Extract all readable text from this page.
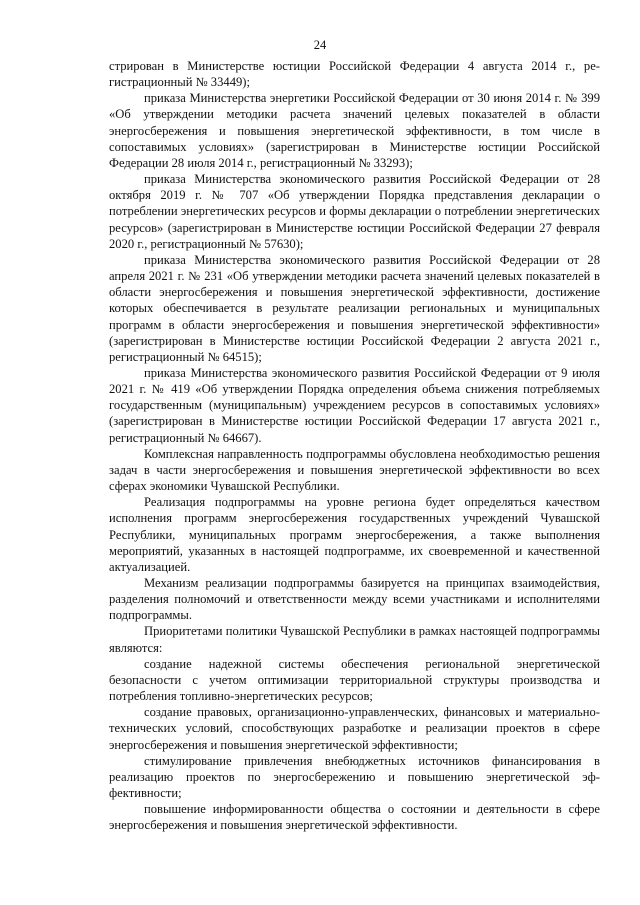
24

стрирован в Министерстве юстиции Российской Федерации 4 августа 2014 г., регистрационный № 33449);

приказа Министерства энергетики Российской Федерации от 30 июня 2014 г. № 399 «Об утверждении методики расчета значений целевых показателей в области энергосбережения и повышения энергетической эффективности, в том числе в сопоставимых условиях» (зарегистрирован в Министерстве юстиции Российской Федерации 28 июля 2014 г., регистрационный № 33293);

приказа Министерства экономического развития Российской Федерации от 28 октября 2019 г. № 707 «Об утверждении Порядка представления декларации о потреблении энергетических ресурсов и формы декларации о потреблении энергетических ресурсов» (зарегистрирован в Министерстве юстиции Российской Федерации 27 февраля 2020 г., регистрационный № 57630);

приказа Министерства экономического развития Российской Федерации от 28 апреля 2021 г. № 231 «Об утверждении методики расчета значений целевых показателей в области энергосбережения и повышения энергетической эффективности, достижение которых обеспечивается в результате реализации региональных и муниципальных программ в области энергосбережения и повышения энергетической эффективности» (зарегистрирован в Министерстве юстиции Российской Федерации 2 августа 2021 г., регистрационный № 64515);

приказа Министерства экономического развития Российской Федерации от 9 июля 2021 г. № 419 «Об утверждении Порядка определения объема снижения потребляемых государственным (муниципальным) учреждением ресурсов в сопоставимых условиях» (зарегистрирован в Министерстве юстиции Российской Федерации 17 августа 2021 г., регистрационный № 64667).

Комплексная направленность подпрограммы обусловлена необходимостью решения задач в части энергосбережения и повышения энергетической эффективности во всех сферах экономики Чувашской Республики.

Реализация подпрограммы на уровне региона будет определяться качеством исполнения программ энергосбережения государственных учреждений Чувашской Республики, муниципальных программ энергосбережения, а также выполнения мероприятий, указанных в настоящей подпрограмме, их своевременной и качественной актуализацией.

Механизм реализации подпрограммы базируется на принципах взаимодействия, разделения полномочий и ответственности между всеми участниками и исполнителями подпрограммы.

Приоритетами политики Чувашской Республики в рамках настоящей подпрограммы являются:

создание надежной системы обеспечения региональной энергетической безопасности с учетом оптимизации территориальной структуры производства и потребления топливно-энергетических ресурсов;

создание правовых, организационно-управленческих, финансовых и материально-технических условий, способствующих разработке и реализации проектов в сфере энергосбережения и повышения энергетической эффективности;

стимулирование привлечения внебюджетных источников финансирования в реализацию проектов по энергосбережению и повышению энергетической эффективности;

повышение информированности общества о состоянии и деятельности в сфере энергосбережения и повышения энергетической эффективности.
